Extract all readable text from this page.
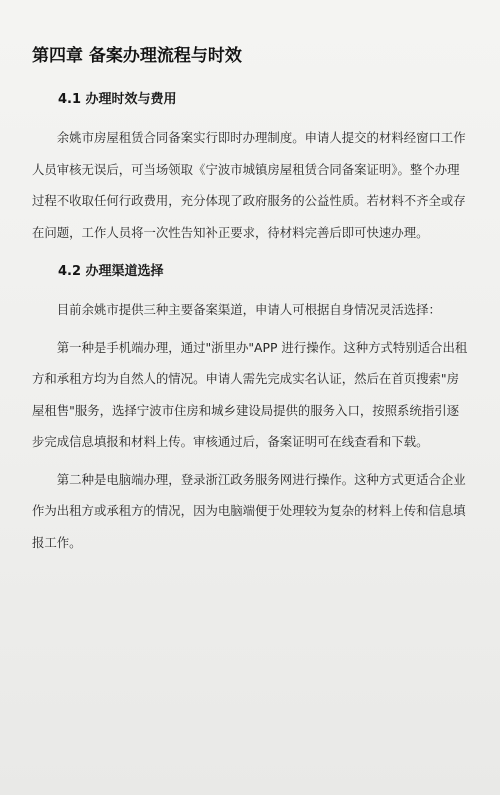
第四章 备案办理流程与时效
4.1 办理时效与费用

余姚市房屋租赁合同备案实行即时办理制度。申请人提交的材料经窗口工作人员审核无误后，可当场领取《宁波市城镇房屋租赁合同备案证明》。整个办理过程不收取任何行政费用，充分体现了政府服务的公益性质。若材料不齐全或存在问题，工作人员将一次性告知补正要求，待材料完善后即可快速办理。

4.2 办理渠道选择

目前余姚市提供三种主要备案渠道，申请人可根据自身情况灵活选择：

第一种是手机端办理，通过"浙里办"APP 进行操作。这种方式特别适合出租方和承租方均为自然人的情况。申请人需先完成实名认证，然后在首页搜索"房屋租售"服务，选择宁波市住房和城乡建设局提供的服务入口，按照系统指引逐步完成信息填报和材料上传。审核通过后，备案证明可在线查看和下载。

第二种是电脑端办理，登录浙江政务服务网进行操作。这种方式更适合企业作为出租方或承租方的情况，因为电脑端便于处理较为复杂的材料上传和信息填报工作。
